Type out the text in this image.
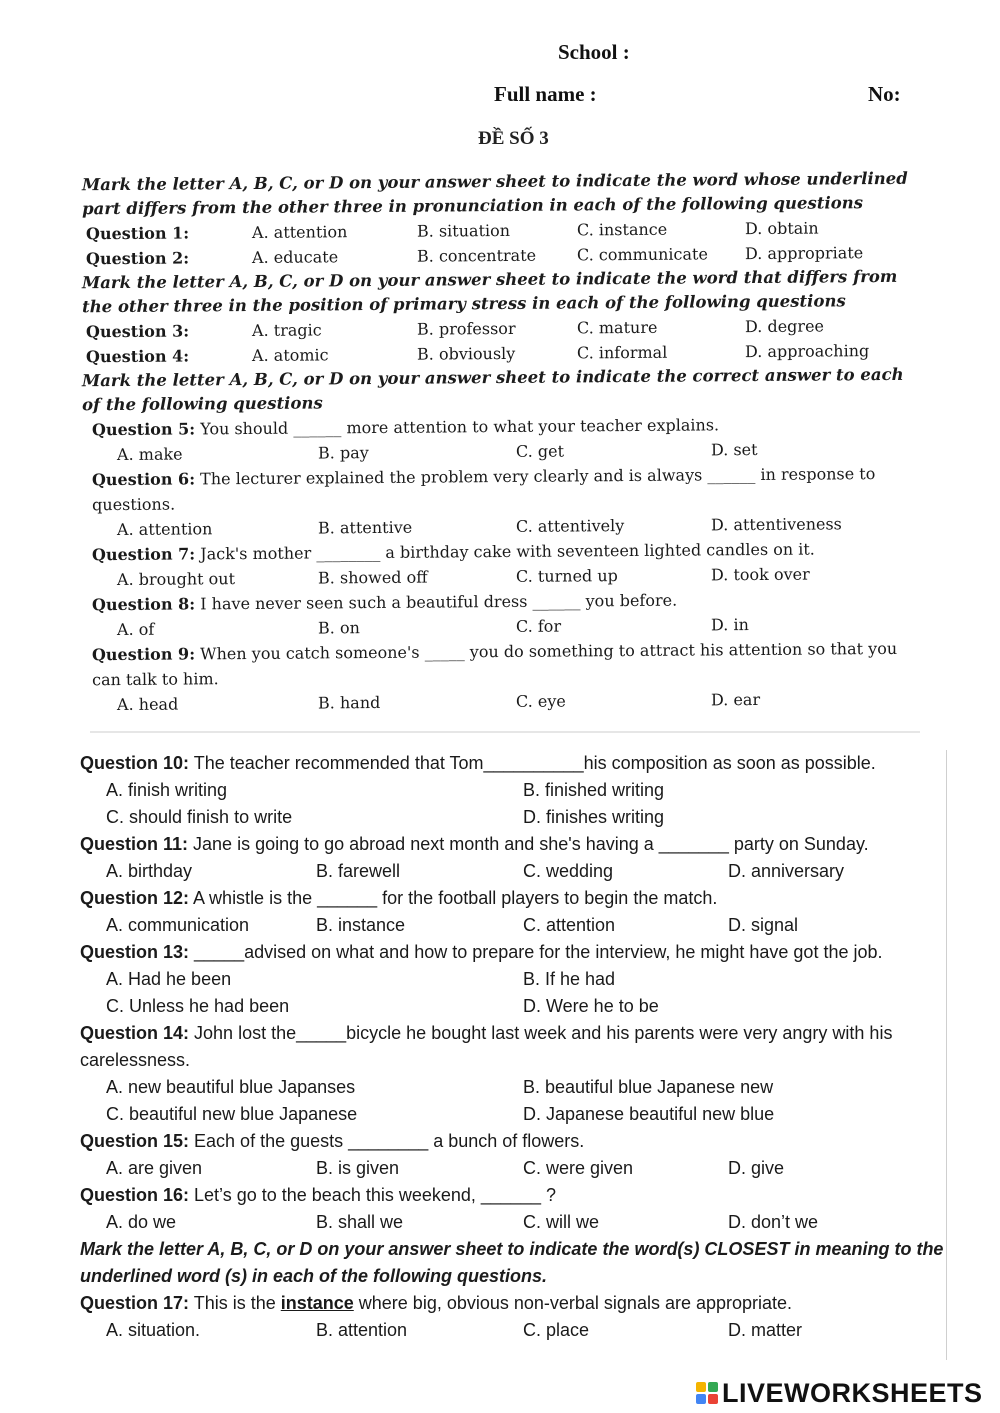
School :
Full name :	No:
ĐỀ SỐ 3
Mark the letter A, B, C, or D on your answer sheet to indicate the word whose underlined part differs from the other three in pronunciation in each of the following questions
Question 1:	A. attention	B. situation	C. instance	D. obtain
Question 2:	A. educate	B. concentrate	C. communicate D. appropriate
Mark the letter A, B, C, or D on your answer sheet to indicate the word that differs from the other three in the position of primary stress in each of the following questions
Question 3:	A. tragic	B. professor	C. mature	D. degree
Question 4:	A. atomic	B. obviously	C. informal	D. approaching
Mark the letter A, B, C, or D on your answer sheet to indicate the correct answer to each of the following questions
Question 5: You should ______ more attention to what your teacher explains.
A. make	B. pay	C. get	D. set
Question 6: The lecturer explained the problem very clearly and is always ______ in response to questions.
A. attention	B. attentive	C. attentively	D. attentiveness
Question 7: Jack's mother ________ a birthday cake with seventeen lighted candles on it.
A. brought out	B. showed off	C. turned up	D. took over
Question 8: I have never seen such a beautiful dress ______ you before.
A. of	B. on	C. for	D. in
Question 9: When you catch someone's _____ you do something to attract his attention so that you can talk to him.
A. head	B. hand	C. eye	D. ear
Question 10: The teacher recommended that Tom__________his composition as soon as possible.
A. finish writing	B. finished writing
C. should finish to write	D. finishes writing
Question 11: Jane is going to go abroad next month and she's having a _______ party on Sunday.
A. birthday	B. farewell	C. wedding	D. anniversary
Question 12: A whistle is the ______ for the football players to begin the match.
A. communication	B. instance	C. attention	D. signal
Question 13: _____advised on what and how to prepare for the interview, he might have got the job.
A. Had he been	B. If he had
C. Unless he had been	D. Were he to be
Question 14: John lost the_____bicycle he bought last week and his parents were very angry with his carelessness.
A. new beautiful blue Japanses	B. beautiful blue Japanese new
C. beautiful new blue Japanese	D. Japanese beautiful new blue
Question 15: Each of the guests ________ a bunch of flowers.
A. are given	B. is given	C. were given	D. give
Question 16: Let’s go to the beach this weekend, ______ ?
A. do we	B. shall we	C. will we	D. don’t we
Mark the letter A, B, C, or D on your answer sheet to indicate the word(s) CLOSEST in meaning to the underlined word (s) in each of the following questions.
Question 17: This is the instance where big, obvious non-verbal signals are appropriate.
A. situation.	B. attention	C. place	D. matter
LIVEWORKSHEETS
